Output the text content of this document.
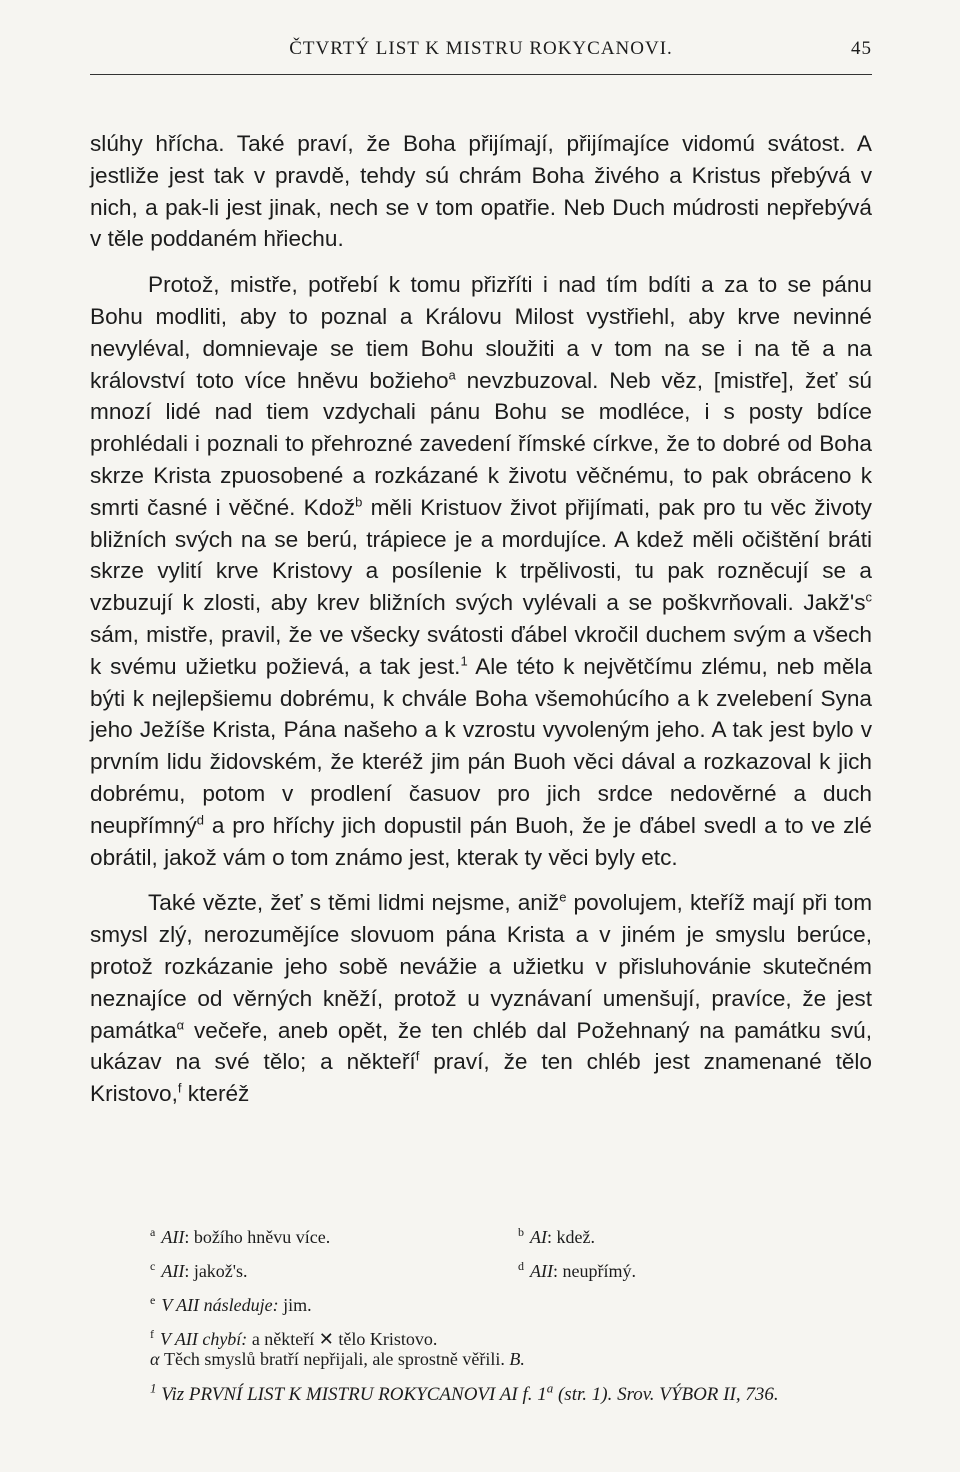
ČTVRTÝ LIST K MISTRU ROKYCANOVI.	45

slúhy hřícha. Také praví, že Boha přijímají, přijímajíce vidomú svátost. A jestliže jest tak v pravdě, tehdy sú chrám Boha živého a Kristus přebývá v nich, a pak-li jest jinak, nech se v tom opatřie. Neb Duch múdrosti nepřebývá v těle poddaném hřiechu.

Protož, mistře, potřebí k tomu přizříti i nad tím bdíti a za to se pánu Bohu modliti, aby to poznal a Královu Milost vystřiehl, aby krve nevinné nevyléval, domnievaje se tiem Bohu sloužiti a v tom na se i na tě a na království toto více hněvu božieho$^a$ nevzbuzoval. Neb věz, [mistře], žeť sú mnozí lidé nad tiem vzdychali pánu Bohu se modléce, i s posty bdíce prohlédali i poznali to přehrozné zavedení římské církve, že to dobré od Boha skrze Krista zpuosobené a rozkázané k životu věčnému, to pak obráceno k smrti časné i věčné. Kdož$^b$ měli Kristuov život přijímati, pak pro tu věc životy bližních svých na se berú, trápiece je a mordujíce. A kdež měli očištění bráti skrze vylití krve Kristovy a posílenie k trpělivosti, tu pak rozněcují se a vzbuzují k zlosti, aby krev bližních svých vylévali a se poškvrňovali. $Jakž's^c$ sám, mistře, pravil, že ve všecky svátosti ďábel vkročil duchem svým a všech k svému užietku požievá, a tak jest.$^1$ Ale této k největčímu zlému, neb měla býti k nejlepšiemu dobrému, k chvále Boha všemohúcího a k zvelebení Syna jeho Ježíše Krista, Pána našeho a k vzrostu vyvoleným jeho. A tak jest bylo v prvním lidu židovském, že kteréž jim pán Buoh věci dával a rozkazoval k jich dobrému, potom v prodlení časuov pro jich srdce nedověrné a duch neupřímný$^d$ a pro hříchy jich dopustil pán Buoh, že je ďábel svedl a to ve zlé obrátil, jakož vám o tom známo jest, kterak ty věci byly etc.

Také vězte, žeť s těmi lidmi nejsme, aniž$^e$ povolujem, kteříž mají při tom smysl zlý, nerozumějíce slovuom pána Krista a v jiném je smyslu berúce, protož rozkázanie jeho sobě nevážie a užietku v přisluhovánie skutečném neznajíce od věrných kněží, protož u vyznávaní umenšují, pravíce, že jest památka$^\alpha$ večeře, aneb opět, že ten chléb dal Požehnaný na památku svú, ukázav na své tělo; a někteří$^f$ praví, že ten chléb jest znamenané tělo Kristovo,$^f$ kteréž

$^a$ AII: božího hněvu více.	$^b$ AI: kdež.
$^c$ AII: jakož's.	$^d$ AII: neupřímý.
$^e$ V AII následuje: jim.
$^f$ V AII chybí: a někteří ✕ tělo Kristovo.
α Těch smyslů bratří nepřijali, ale sprostně věřili. B.
$^1$ Viz PRVNÍ LIST K MISTRU ROKYCANOVI AI f. 1$^a$ (str. 1). Srov. VÝBOR II, 736.
